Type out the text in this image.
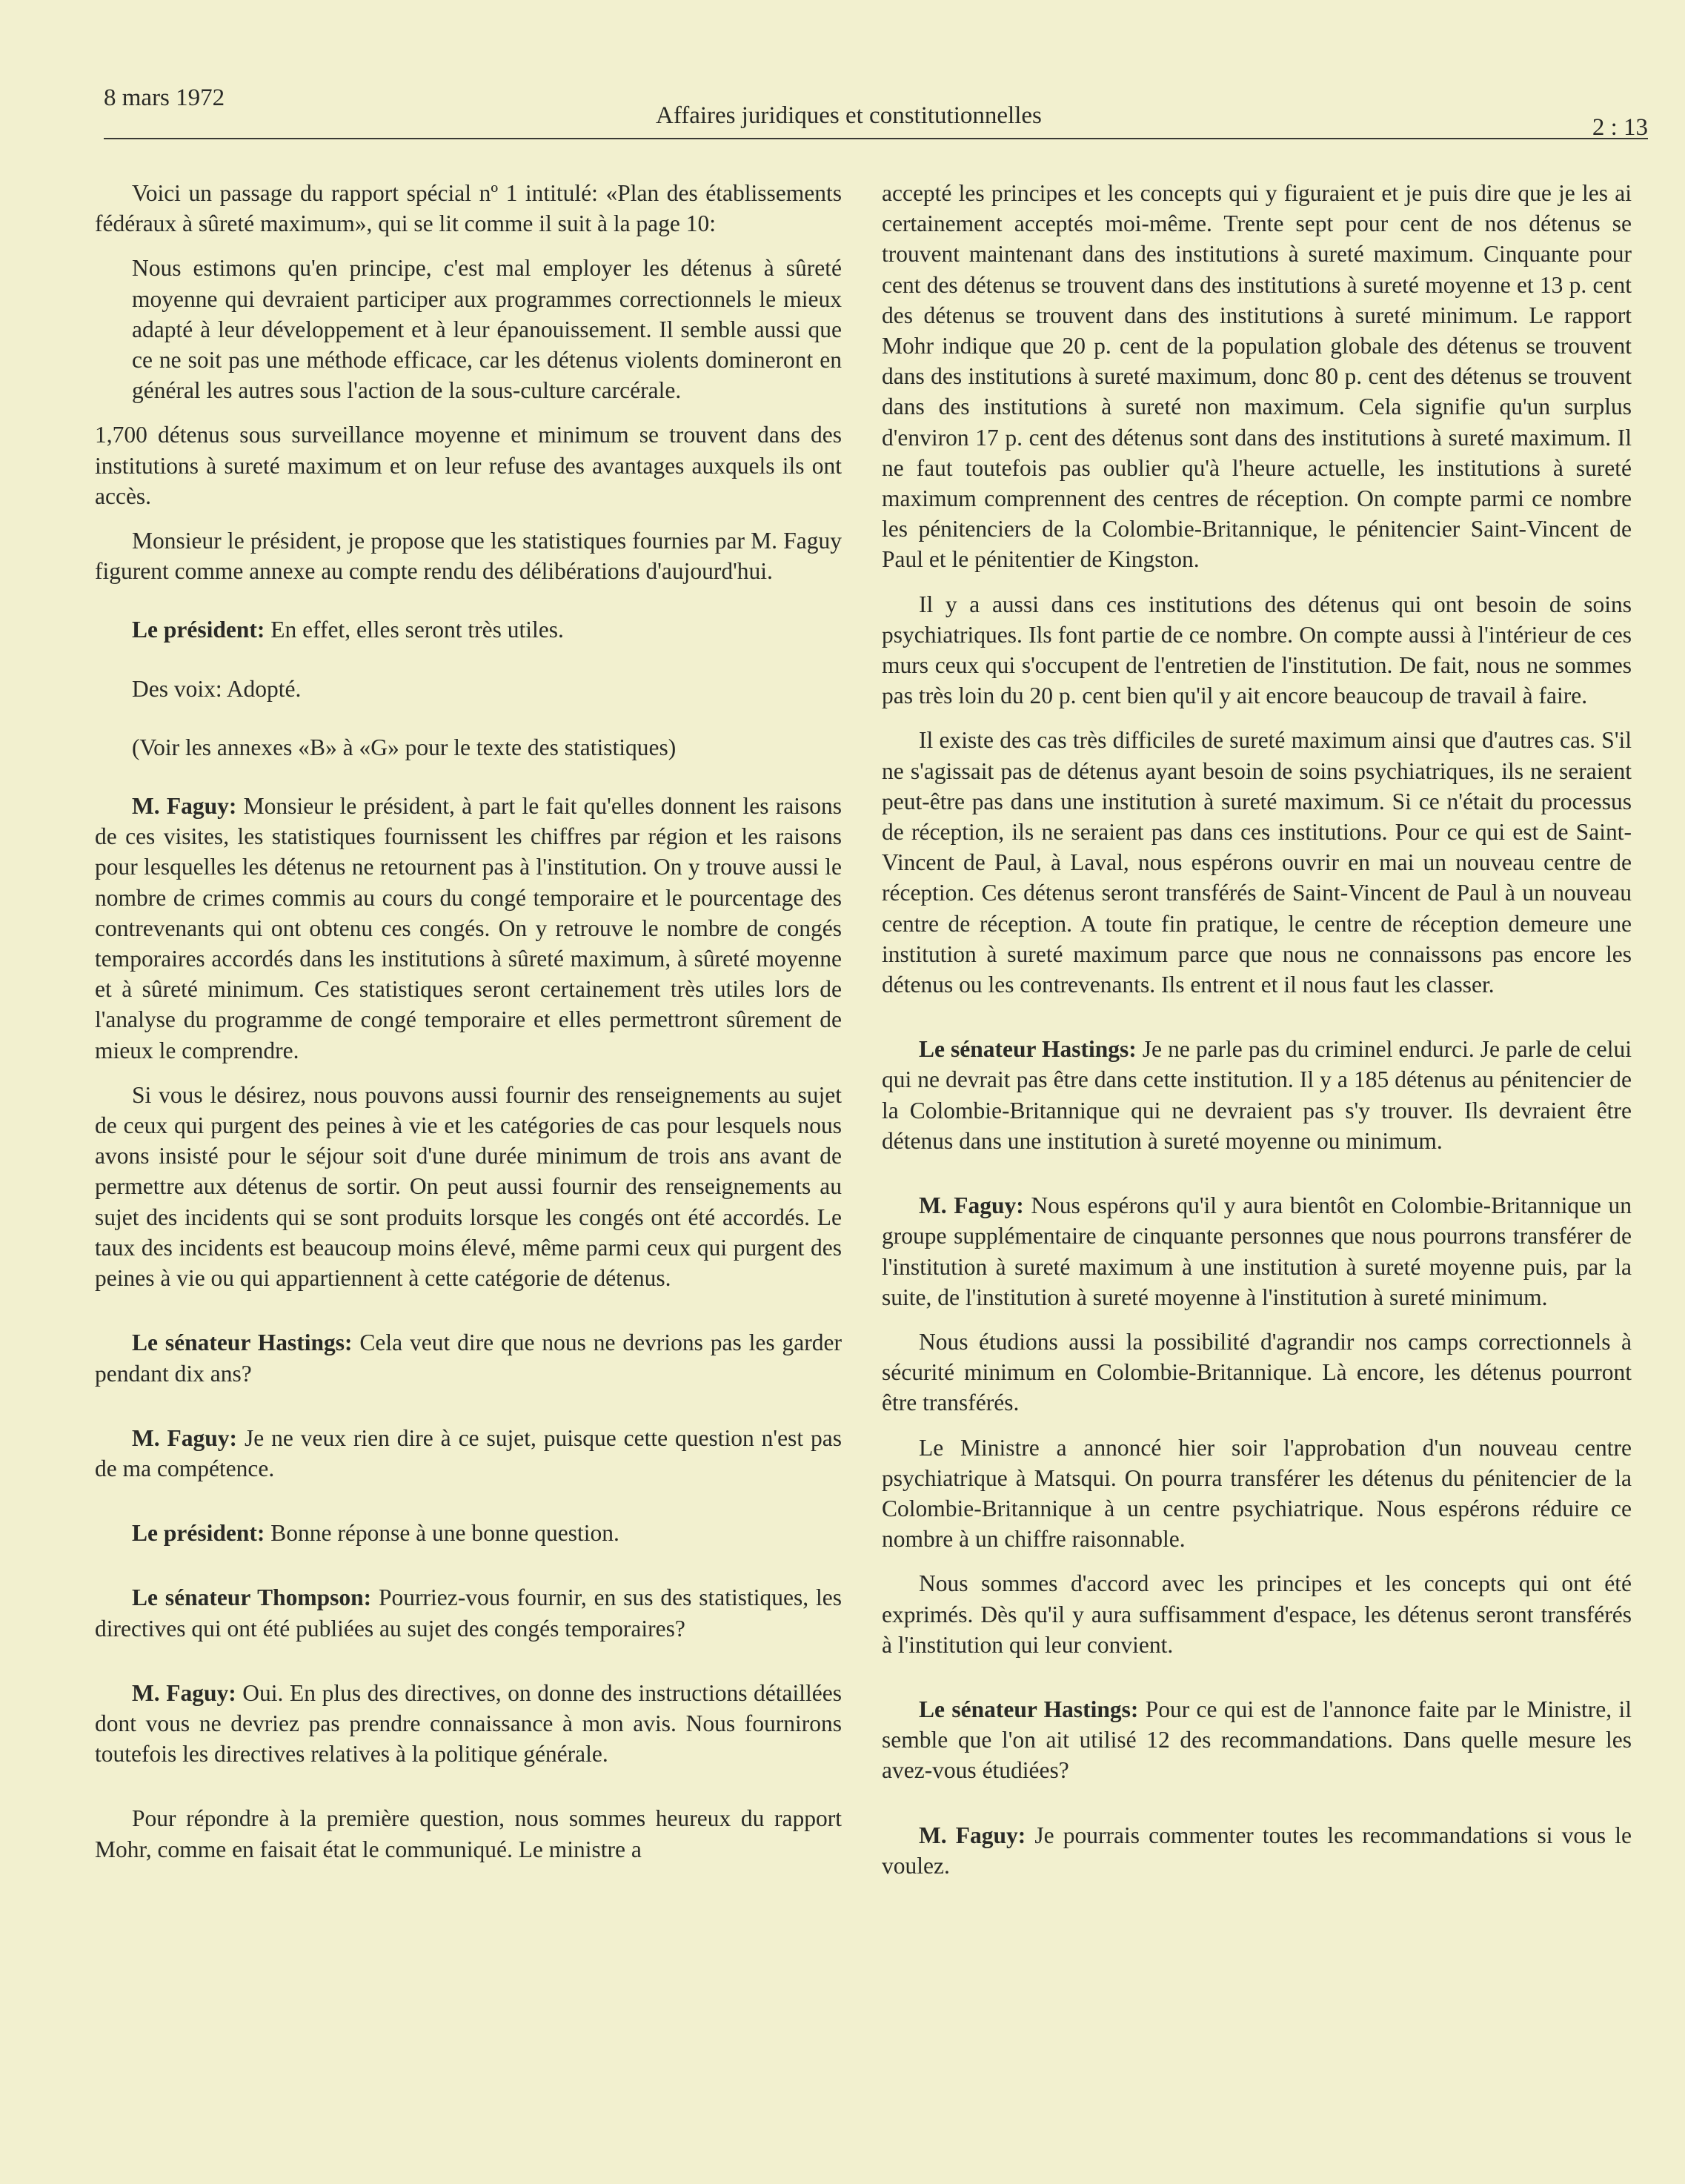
8 mars 1972
Affaires juridiques et constitutionnelles	2 : 13

Voici un passage du rapport spécial nº 1 intitulé: «Plan des établissements fédéraux à sûreté maximum», qui se lit comme il suit à la page 10:

Nous estimons qu'en principe, c'est mal employer les détenus à sûreté moyenne qui devraient participer aux programmes correctionnels le mieux adapté à leur développement et à leur épanouissement. Il semble aussi que ce ne soit pas une méthode efficace, car les détenus violents domineront en général les autres sous l'action de la sous-culture carcérale.

1,700 détenus sous surveillance moyenne et minimum se trouvent dans des institutions à sureté maximum et on leur refuse des avantages auxquels ils ont accès.

Monsieur le président, je propose que les statistiques fournies par M. Faguy figurent comme annexe au compte rendu des délibérations d'aujourd'hui.

Le président: En effet, elles seront très utiles.

Des voix: Adopté.

(Voir les annexes «B» à «G» pour le texte des statistiques)

M. Faguy: Monsieur le président, à part le fait qu'elles donnent les raisons de ces visites, les statistiques fournissent les chiffres par région et les raisons pour lesquelles les détenus ne retournent pas à l'institution. On y trouve aussi le nombre de crimes commis au cours du congé temporaire et le pourcentage des contrevenants qui ont obtenu ces congés. On y retrouve le nombre de congés temporaires accordés dans les institutions à sûreté maximum, à sûreté moyenne et à sûreté minimum. Ces statistiques seront certainement très utiles lors de l'analyse du programme de congé temporaire et elles permettront sûrement de mieux le comprendre.

Si vous le désirez, nous pouvons aussi fournir des renseignements au sujet de ceux qui purgent des peines à vie et les catégories de cas pour lesquels nous avons insisté pour le séjour soit d'une durée minimum de trois ans avant de permettre aux détenus de sortir. On peut aussi fournir des renseignements au sujet des incidents qui se sont produits lorsque les congés ont été accordés. Le taux des incidents est beaucoup moins élevé, même parmi ceux qui purgent des peines à vie ou qui appartiennent à cette catégorie de détenus.

Le sénateur Hastings: Cela veut dire que nous ne devrions pas les garder pendant dix ans?

M. Faguy: Je ne veux rien dire à ce sujet, puisque cette question n'est pas de ma compétence.

Le président: Bonne réponse à une bonne question.

Le sénateur Thompson: Pourriez-vous fournir, en sus des statistiques, les directives qui ont été publiées au sujet des congés temporaires?

M. Faguy: Oui. En plus des directives, on donne des instructions détaillées dont vous ne devriez pas prendre connaissance à mon avis. Nous fournirons toutefois les directives relatives à la politique générale.

Pour répondre à la première question, nous sommes heureux du rapport Mohr, comme en faisait état le communiqué. Le ministre a

accepté les principes et les concepts qui y figuraient et je puis dire que je les ai certainement acceptés moi-même. Trente sept pour cent de nos détenus se trouvent maintenant dans des institutions à sureté maximum. Cinquante pour cent des détenus se trouvent dans des institutions à sureté moyenne et 13 p. cent des détenus se trouvent dans des institutions à sureté minimum. Le rapport Mohr indique que 20 p. cent de la population globale des détenus se trouvent dans des institutions à sureté maximum, donc 80 p. cent des détenus se trouvent dans des institutions à sureté non maximum. Cela signifie qu'un surplus d'environ 17 p. cent des détenus sont dans des institutions à sureté maximum. Il ne faut toutefois pas oublier qu'à l'heure actuelle, les institutions à sureté maximum comprennent des centres de réception. On compte parmi ce nombre les pénitenciers de la Colombie-Britannique, le pénitencier Saint-Vincent de Paul et le pénitentier de Kingston.

Il y a aussi dans ces institutions des détenus qui ont besoin de soins psychiatriques. Ils font partie de ce nombre. On compte aussi à l'intérieur de ces murs ceux qui s'occupent de l'entretien de l'institution. De fait, nous ne sommes pas très loin du 20 p. cent bien qu'il y ait encore beaucoup de travail à faire.

Il existe des cas très difficiles de sureté maximum ainsi que d'autres cas. S'il ne s'agissait pas de détenus ayant besoin de soins psychiatriques, ils ne seraient peut-être pas dans une institution à sureté maximum. Si ce n'était du processus de réception, ils ne seraient pas dans ces institutions. Pour ce qui est de Saint-Vincent de Paul, à Laval, nous espérons ouvrir en mai un nouveau centre de réception. Ces détenus seront transférés de Saint-Vincent de Paul à un nouveau centre de réception. A toute fin pratique, le centre de réception demeure une institution à sureté maximum parce que nous ne connaissons pas encore les détenus ou les contrevenants. Ils entrent et il nous faut les classer.

Le sénateur Hastings: Je ne parle pas du criminel endurci. Je parle de celui qui ne devrait pas être dans cette institution. Il y a 185 détenus au pénitencier de la Colombie-Britannique qui ne devraient pas s'y trouver. Ils devraient être détenus dans une institution à sureté moyenne ou minimum.

M. Faguy: Nous espérons qu'il y aura bientôt en Colombie-Britannique un groupe supplémentaire de cinquante personnes que nous pourrons transférer de l'institution à sureté maximum à une institution à sureté moyenne puis, par la suite, de l'institution à sureté moyenne à l'institution à sureté minimum.

Nous étudions aussi la possibilité d'agrandir nos camps correctionnels à sécurité minimum en Colombie-Britannique. Là encore, les détenus pourront être transférés.

Le Ministre a annoncé hier soir l'approbation d'un nouveau centre psychiatrique à Matsqui. On pourra transférer les détenus du pénitencier de la Colombie-Britannique à un centre psychiatrique. Nous espérons réduire ce nombre à un chiffre raisonnable.

Nous sommes d'accord avec les principes et les concepts qui ont été exprimés. Dès qu'il y aura suffisamment d'espace, les détenus seront transférés à l'institution qui leur convient.

Le sénateur Hastings: Pour ce qui est de l'annonce faite par le Ministre, il semble que l'on ait utilisé 12 des recommandations. Dans quelle mesure les avez-vous étudiées?

M. Faguy: Je pourrais commenter toutes les recommandations si vous le voulez.
